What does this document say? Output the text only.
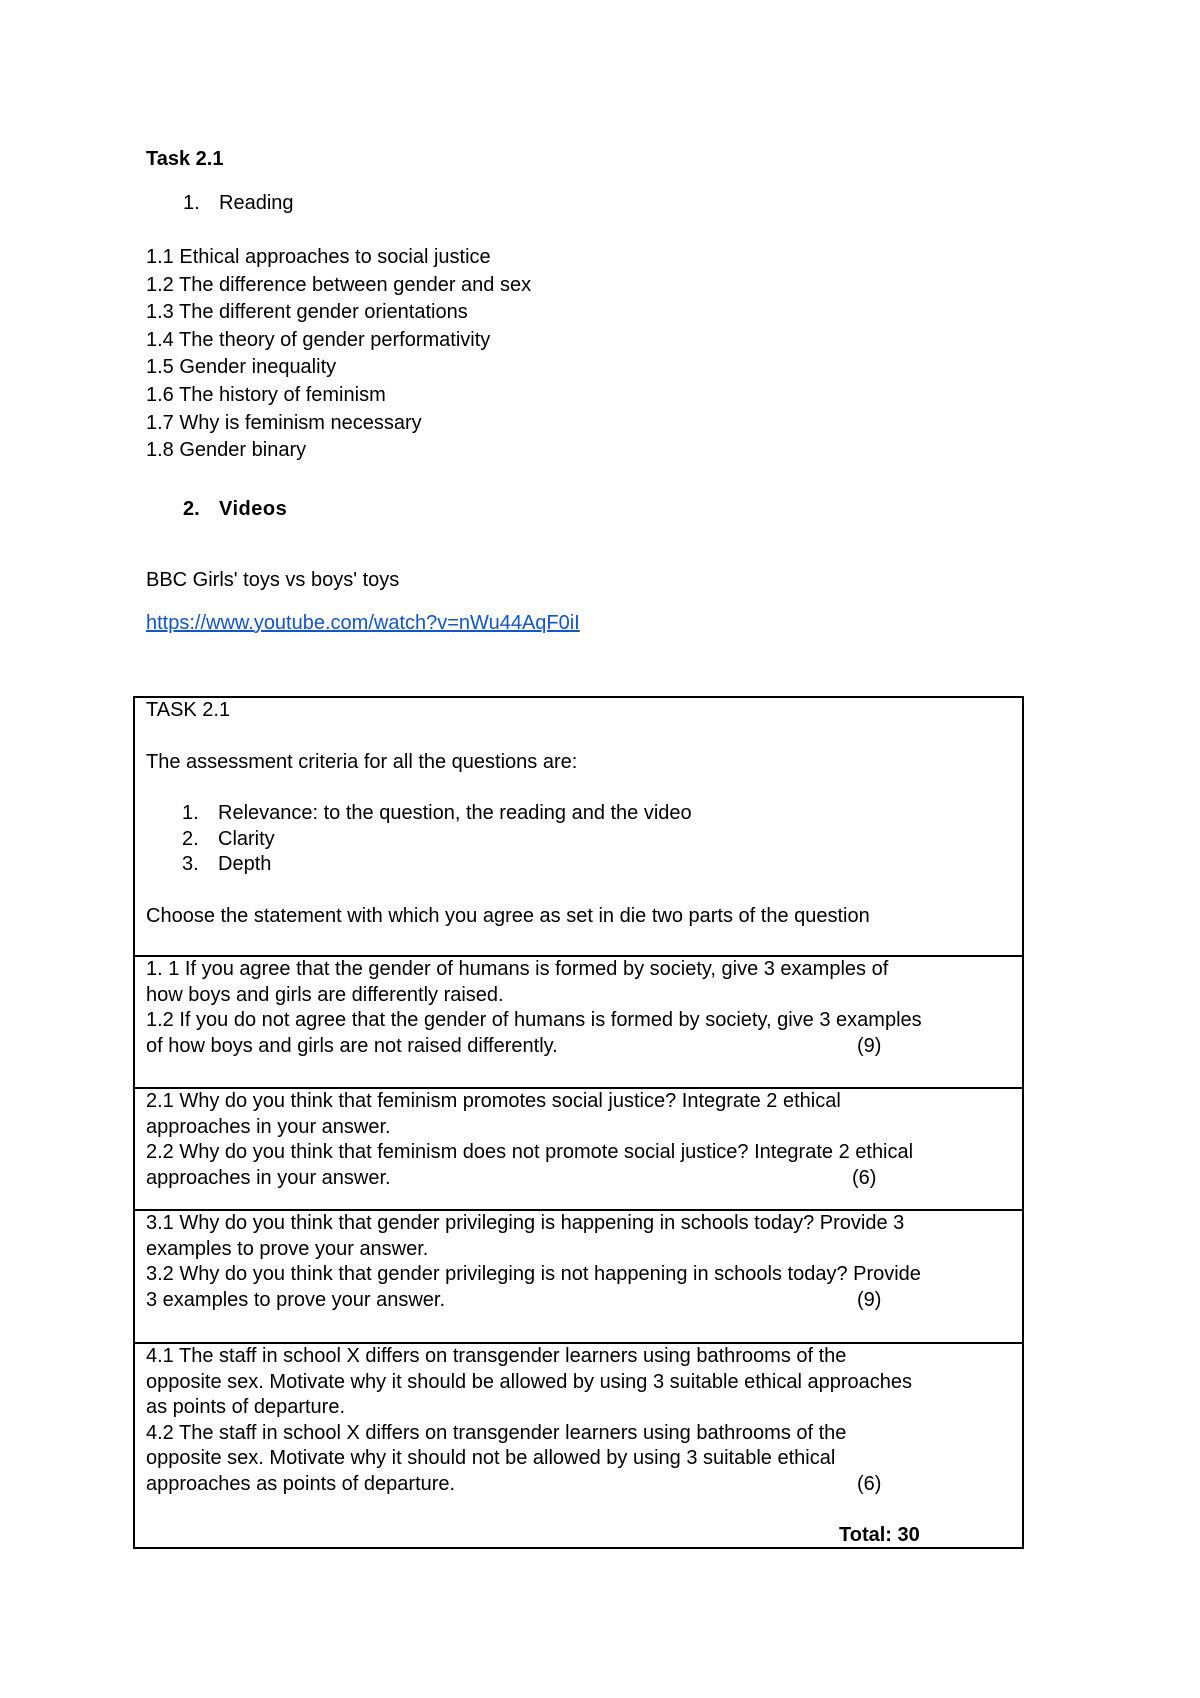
Task 2.1
1. Reading
1.1 Ethical approaches to social justice
1.2 The difference between gender and sex
1.3 The different gender orientations
1.4 The theory of gender performativity
1.5 Gender inequality
1.6 The history of feminism
1.7 Why is feminism necessary
1.8 Gender binary
2. Videos
BBC Girls' toys vs boys' toys
https://www.youtube.com/watch?v=nWu44AqF0iI
TASK 2.1
The assessment criteria for all the questions are:
1. Relevance: to the question, the reading and the video
2. Clarity
3. Depth
Choose the statement with which you agree as set in die two parts of the question

1. 1 If you agree that the gender of humans is formed by society, give 3 examples of
how boys and girls are differently raised.
1.2 If you do not agree that the gender of humans is formed by society, give 3 examples
of how boys and girls are not raised differently.	(9)

2.1 Why do you think that feminism promotes social justice? Integrate 2 ethical
approaches in your answer.
2.2 Why do you think that feminism does not promote social justice? Integrate 2 ethical
approaches in your answer.	(6)

3.1 Why do you think that gender privileging is happening in schools today? Provide 3
examples to prove your answer.
3.2 Why do you think that gender privileging is not happening in schools today? Provide
3 examples to prove your answer.	(9)

4.1 The staff in school X differs on transgender learners using bathrooms of the
opposite sex. Motivate why it should be allowed by using 3 suitable ethical approaches
as points of departure.
4.2 The staff in school X differs on transgender learners using bathrooms of the
opposite sex. Motivate why it should not be allowed by using 3 suitable ethical
approaches as points of departure.	(6)
Total: 30
